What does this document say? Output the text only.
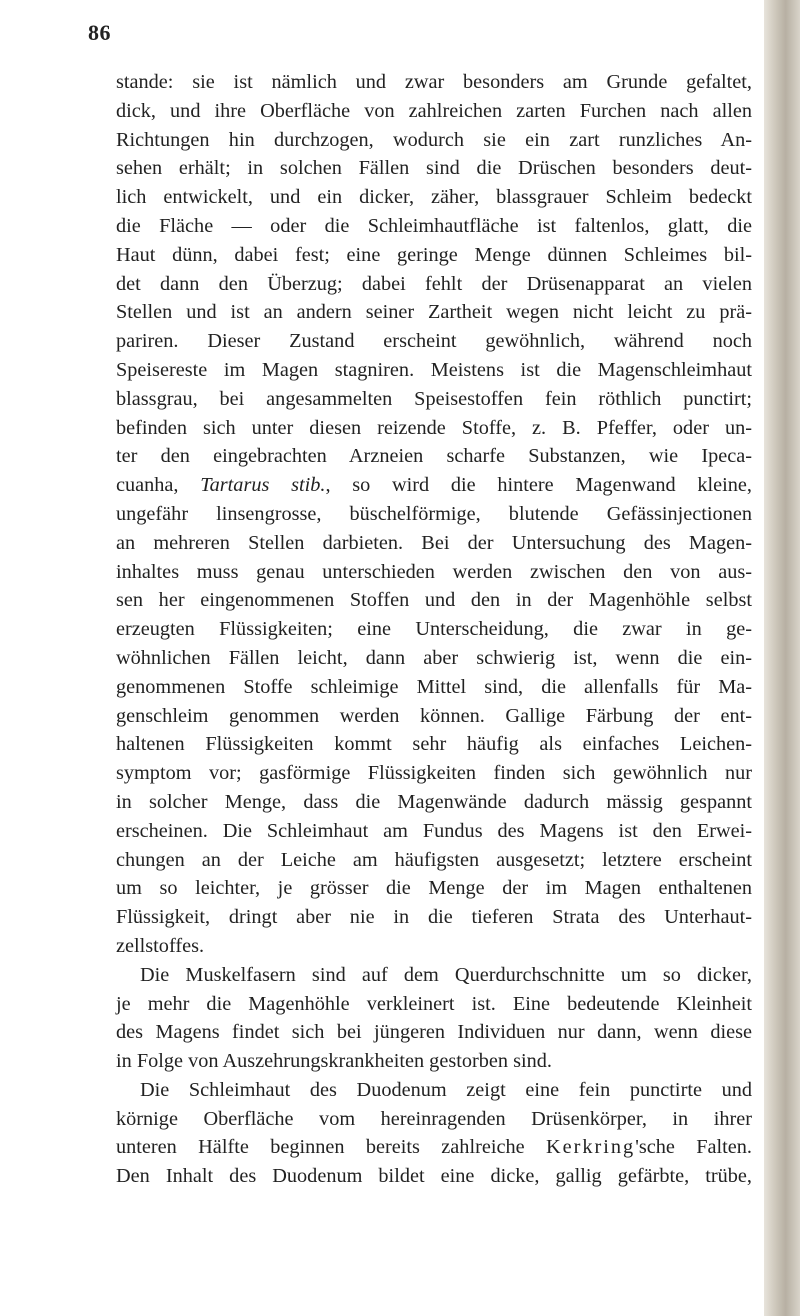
86
stande: sie ist nämlich und zwar besonders am Grunde gefaltet,
dick, und ihre Oberfläche von zahlreichen zarten Furchen nach allen
Richtungen hin durchzogen, wodurch sie ein zart runzliches An-
sehen erhält; in solchen Fällen sind die Drüschen besonders deut-
lich entwickelt, und ein dicker, zäher, blassgrauer Schleim bedeckt
die Fläche — oder die Schleimhautfläche ist faltenlos, glatt, die
Haut dünn, dabei fest; eine geringe Menge dünnen Schleimes bil-
det dann den Überzug; dabei fehlt der Drüsenapparat an vielen
Stellen und ist an andern seiner Zartheit wegen nicht leicht zu prä-
pariren. Dieser Zustand erscheint gewöhnlich, während noch
Speisereste im Magen stagniren. Meistens ist die Magenschleimhaut
blassgrau, bei angesammelten Speisestoffen fein röthlich punctirt;
befinden sich unter diesen reizende Stoffe, z. B. Pfeffer, oder un-
ter den eingebrachten Arzneien scharfe Substanzen, wie Ipeca-
cuanha, Tartarus stib., so wird die hintere Magenwand kleine,
ungefähr linsengrosse, büschelförmige, blutende Gefässinjectionen
an mehreren Stellen darbieten. Bei der Untersuchung des Magen-
inhaltes muss genau unterschieden werden zwischen den von aus-
sen her eingenommenen Stoffen und den in der Magenhöhle selbst
erzeugten Flüssigkeiten; eine Unterscheidung, die zwar in ge-
wöhnlichen Fällen leicht, dann aber schwierig ist, wenn die ein-
genommenen Stoffe schleimige Mittel sind, die allenfalls für Ma-
genschleim genommen werden können. Gallige Färbung der ent-
haltenen Flüssigkeiten kommt sehr häufig als einfaches Leichen-
symptom vor; gasförmige Flüssigkeiten finden sich gewöhnlich nur
in solcher Menge, dass die Magenwände dadurch mässig gespannt
erscheinen. Die Schleimhaut am Fundus des Magens ist den Erwei-
chungen an der Leiche am häufigsten ausgesetzt; letztere erscheint
um so leichter, je grösser die Menge der im Magen enthaltenen
Flüssigkeit, dringt aber nie in die tieferen Strata des Unterhaut-
zellstoffes.
Die Muskelfasern sind auf dem Querdurchschnitte um so dicker,
je mehr die Magenhöhle verkleinert ist. Eine bedeutende Kleinheit
des Magens findet sich bei jüngeren Individuen nur dann, wenn diese
in Folge von Auszehrungskrankheiten gestorben sind.
Die Schleimhaut des Duodenum zeigt eine fein punctirte und
körnige Oberfläche vom hereinragenden Drüsenkörper, in ihrer
unteren Hälfte beginnen bereits zahlreiche Kerkring'sche Falten.
Den Inhalt des Duodenum bildet eine dicke, gallig gefärbte, trübe,
